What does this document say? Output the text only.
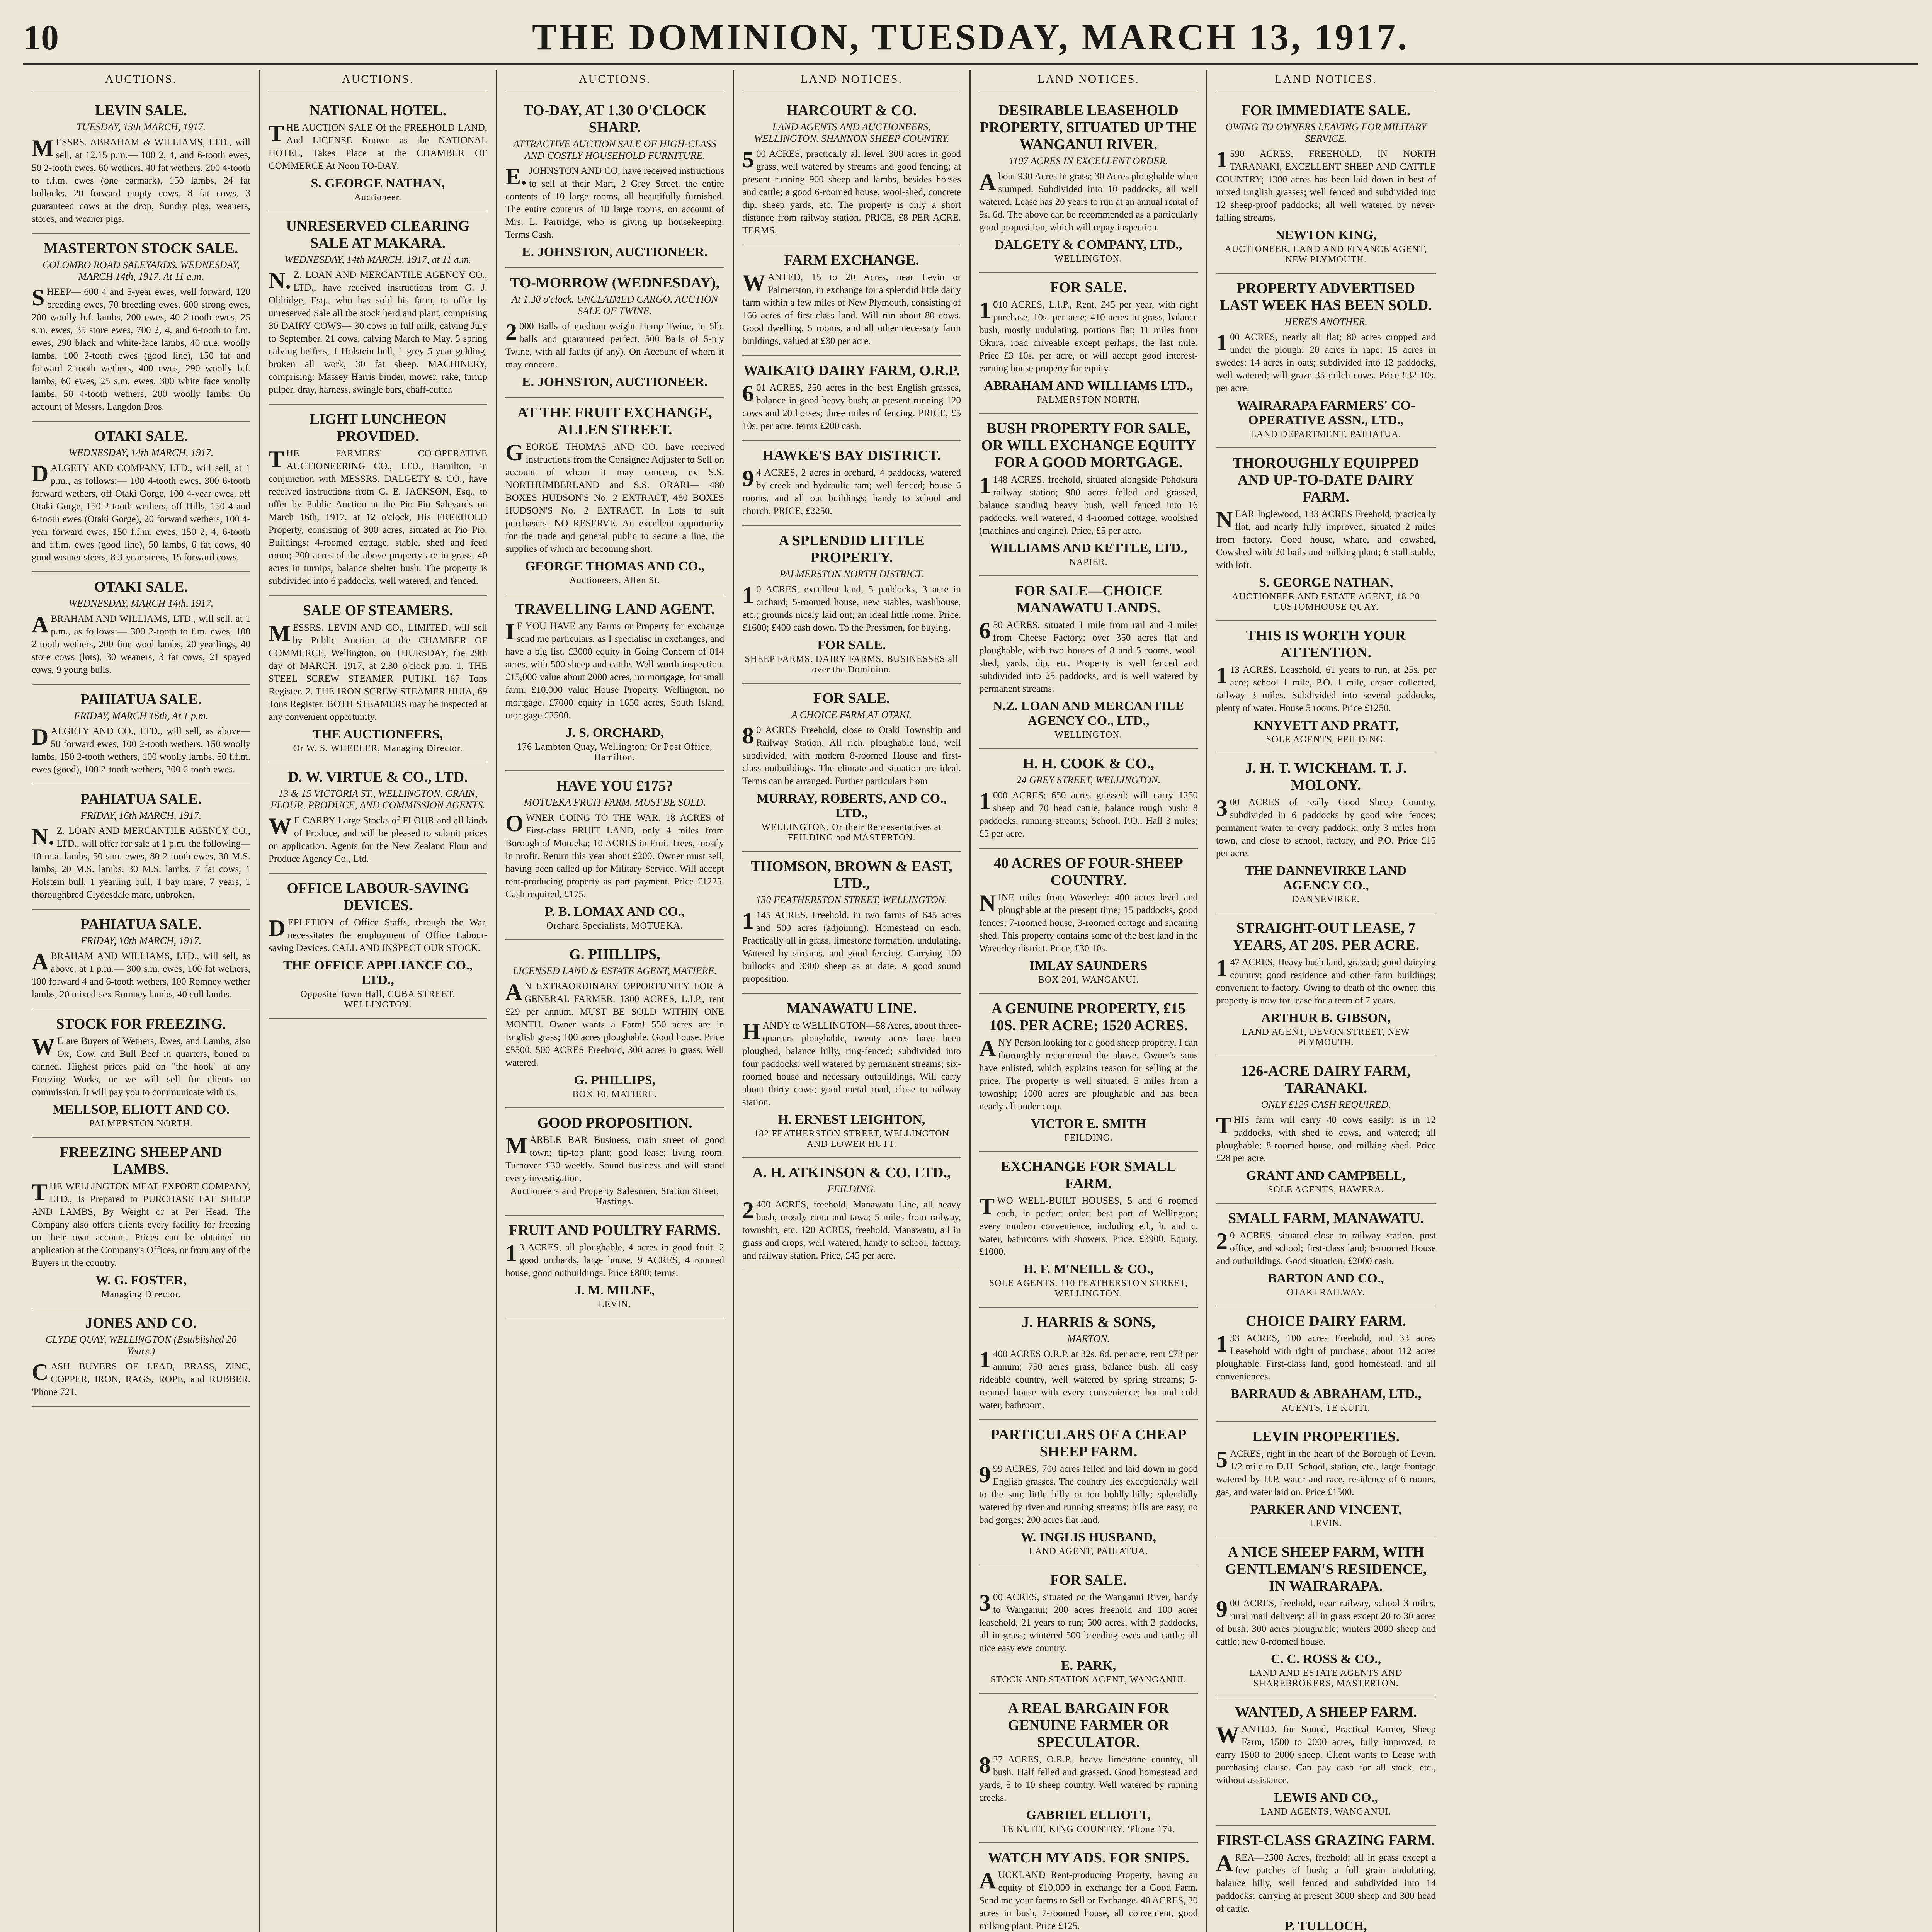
10	THE DOMINION, TUESDAY, MARCH 13, 1917.
AUCTIONS.
LEVIN SALE.
TUESDAY, 13th MARCH, 1917.
MESSRS. ABRAHAM & WILLIAMS, LTD., will sell, at 12.15 p.m.— 100 2, 4, and 6-tooth ewes, 50 2-tooth ewes, 60 wethers, 40 fat wethers, 200 4-tooth to f.f.m. ewes (one earmark), 150 lambs, 24 fat bullocks, 20 forward empty cows, 8 fat cows, 3 guaranteed cows at the drop, Sundry pigs, weaners, stores, and weaner pigs.
MASTERTON STOCK SALE.
COLOMBO ROAD SALEYARDS. WEDNESDAY, MARCH 14th, 1917, At 11 a.m.
SHEEP— 600 4 and 5-year ewes, well forward, 120 breeding ewes, 70 breeding ewes, 600 strong ewes, 200 woolly b.f. lambs, 200 ewes, 40 2-tooth ewes, 25 s.m. ewes, 35 store ewes, 700 2, 4, and 6-tooth to f.m. ewes, 290 black and white-face lambs, 40 m.e. woolly lambs, 100 2-tooth ewes (good line), 150 fat and forward 2-tooth wethers, 400 ewes, 290 woolly b.f. lambs, 60 ewes, 25 s.m. ewes, 300 white face woolly lambs, 50 4-tooth wethers, 200 woolly lambs. On account of Messrs. Langdon Bros.
OTAKI SALE.
WEDNESDAY, 14th MARCH, 1917.
DALGETY AND COMPANY, LTD., will sell, at 1 p.m., as follows:— 100 4-tooth ewes, 300 6-tooth forward wethers, off Otaki Gorge, 100 4-year ewes, off Otaki Gorge, 150 2-tooth wethers, off Hills, 150 4 and 6-tooth ewes (Otaki Gorge), 20 forward wethers, 100 4-year forward ewes, 150 f.f.m. ewes, 150 2, 4, 6-tooth and f.f.m. ewes (good line), 50 lambs, 6 fat cows, 40 good weaner steers, 8 3-year steers, 15 forward cows.
OTAKI SALE.
WEDNESDAY, MARCH 14th, 1917.
ABRAHAM AND WILLIAMS, LTD., will sell, at 1 p.m., as follows:— 300 2-tooth to f.m. ewes, 100 2-tooth wethers, 200 fine-wool lambs, 20 yearlings, 40 store cows (lots), 30 weaners, 3 fat cows, 21 spayed cows, 9 young bulls.
PAHIATUA SALE.
FRIDAY, MARCH 16th, At 1 p.m.
DALGETY AND CO., LTD., will sell, as above— 50 forward ewes, 100 2-tooth wethers, 150 woolly lambs, 150 2-tooth wethers, 100 woolly lambs, 50 f.f.m. ewes (good), 100 2-tooth wethers, 200 6-tooth ewes.
PAHIATUA SALE.
FRIDAY, 16th MARCH, 1917.
N.Z. LOAN AND MERCANTILE AGENCY CO., LTD., will offer for sale at 1 p.m. the following— 10 m.a. lambs, 50 s.m. ewes, 80 2-tooth ewes, 30 M.S. lambs, 20 M.S. lambs, 30 M.S. lambs, 7 fat cows, 1 Holstein bull, 1 yearling bull, 1 bay mare, 7 years, 1 thoroughbred Clydesdale mare, unbroken.
PAHIATUA SALE.
FRIDAY, 16th MARCH, 1917.
ABRAHAM AND WILLIAMS, LTD., will sell, as above, at 1 p.m.— 300 s.m. ewes, 100 fat wethers, 100 forward 4 and 6-tooth wethers, 100 Romney wether lambs, 20 mixed-sex Romney lambs, 40 cull lambs.
STOCK FOR FREEZING.
WE are Buyers of Wethers, Ewes, and Lambs, also Ox, Cow, and Bull Beef in quarters, boned or canned. Highest prices paid on "the hook" at any Freezing Works, or we will sell for clients on commission. It will pay you to communicate with us.
MELLSOP, ELIOTT AND CO.
PALMERSTON NORTH.
FREEZING SHEEP AND LAMBS.
THE WELLINGTON MEAT EXPORT COMPANY, LTD., Is Prepared to PURCHASE FAT SHEEP AND LAMBS, By Weight or at Per Head. The Company also offers clients every facility for freezing on their own account. Prices can be obtained on application at the Company's Offices, or from any of the Buyers in the country.
W. G. FOSTER,
Managing Director.
JONES AND CO.
CLYDE QUAY, WELLINGTON (Established 20 Years.)
CASH BUYERS OF LEAD, BRASS, ZINC, COPPER, IRON, RAGS, ROPE, and RUBBER. 'Phone 721.
AUCTIONS.
NATIONAL HOTEL.
THE AUCTION SALE Of the FREEHOLD LAND, And LICENSE Known as the NATIONAL HOTEL, Takes Place at the CHAMBER OF COMMERCE At Noon TO-DAY.
S. GEORGE NATHAN,
Auctioneer.
UNRESERVED CLEARING SALE AT MAKARA.
WEDNESDAY, 14th MARCH, 1917, at 11 a.m.
N.Z. LOAN AND MERCANTILE AGENCY CO., LTD., have received instructions from G. J. Oldridge, Esq., who has sold his farm, to offer by unreserved Sale all the stock herd and plant, comprising 30 DAIRY COWS— 30 cows in full milk, calving July to September, 21 cows, calving March to May, 5 spring calving heifers, 1 Holstein bull, 1 grey 5-year gelding, broken all work, 30 fat sheep. MACHINERY, comprising: Massey Harris binder, mower, rake, turnip pulper, dray, harness, swingle bars, chaff-cutter.
LIGHT LUNCHEON PROVIDED.
THE FARMERS' CO-OPERATIVE AUCTIONEERING CO., LTD., Hamilton, in conjunction with MESSRS. DALGETY & CO., have received instructions from G. E. JACKSON, Esq., to offer by Public Auction at the Pio Pio Saleyards on March 16th, 1917, at 12 o'clock, His FREEHOLD Property, consisting of 300 acres, situated at Pio Pio. Buildings: 4-roomed cottage, stable, shed and feed room; 200 acres of the above property are in grass, 40 acres in turnips, balance shelter bush. The property is subdivided into 6 paddocks, well watered, and fenced.
SALE OF STEAMERS.
MESSRS. LEVIN AND CO., LIMITED, will sell by Public Auction at the CHAMBER OF COMMERCE, Wellington, on THURSDAY, the 29th day of MARCH, 1917, at 2.30 o'clock p.m. 1. THE STEEL SCREW STEAMER PUTIKI, 167 Tons Register. 2. THE IRON SCREW STEAMER HUIA, 69 Tons Register. BOTH STEAMERS may be inspected at any convenient opportunity.
THE AUCTIONEERS,
Or W. S. WHEELER, Managing Director.
D. W. VIRTUE & CO., LTD.
13 & 15 VICTORIA ST., WELLINGTON. GRAIN, FLOUR, PRODUCE, AND COMMISSION AGENTS.
WE CARRY Large Stocks of FLOUR and all kinds of Produce, and will be pleased to submit prices on application. Agents for the New Zealand Flour and Produce Agency Co., Ltd.
OFFICE LABOUR-SAVING DEVICES.
DEPLETION of Office Staffs, through the War, necessitates the employment of Office Labour-saving Devices. CALL AND INSPECT OUR STOCK.
THE OFFICE APPLIANCE CO., LTD.,
Opposite Town Hall, CUBA STREET, WELLINGTON.
AUCTIONS.
TO-DAY, AT 1.30 O'CLOCK SHARP.
ATTRACTIVE AUCTION SALE OF HIGH-CLASS AND COSTLY HOUSEHOLD FURNITURE.
E.JOHNSTON AND CO. have received instructions to sell at their Mart, 2 Grey Street, the entire contents of 10 large rooms, all beautifully furnished. The entire contents of 10 large rooms, on account of Mrs. L. Partridge, who is giving up housekeeping. Terms Cash.
E. JOHNSTON, AUCTIONEER.
TO-MORROW (WEDNESDAY),
At 1.30 o'clock. UNCLAIMED CARGO. AUCTION SALE OF TWINE.
2000 Balls of medium-weight Hemp Twine, in 5lb. balls and guaranteed perfect. 500 Balls of 5-ply Twine, with all faults (if any). On Account of whom it may concern.
E. JOHNSTON, AUCTIONEER.
AT THE FRUIT EXCHANGE, ALLEN STREET.
GEORGE THOMAS AND CO. have received instructions from the Consignee Adjuster to Sell on account of whom it may concern, ex S.S. NORTHUMBERLAND and S.S. ORARI— 480 BOXES HUDSON'S No. 2 EXTRACT, 480 BOXES HUDSON'S No. 2 EXTRACT. In Lots to suit purchasers. NO RESERVE. An excellent opportunity for the trade and general public to secure a line, the supplies of which are becoming short.
GEORGE THOMAS AND CO.,
Auctioneers, Allen St.
TRAVELLING LAND AGENT.
IF YOU HAVE any Farms or Property for exchange send me particulars, as I specialise in exchanges, and have a big list. £3000 equity in Going Concern of 814 acres, with 500 sheep and cattle. Well worth inspection. £15,000 value about 2000 acres, no mortgage, for small farm. £10,000 value House Property, Wellington, no mortgage. £7000 equity in 1650 acres, South Island, mortgage £2500.
J. S. ORCHARD,
176 Lambton Quay, Wellington; Or Post Office, Hamilton.
HAVE YOU £175?
MOTUEKA FRUIT FARM. MUST BE SOLD.
OWNER GOING TO THE WAR. 18 ACRES of First-class FRUIT LAND, only 4 miles from Borough of Motueka; 10 ACRES in Fruit Trees, mostly in profit. Return this year about £200. Owner must sell, having been called up for Military Service. Will accept rent-producing property as part payment. Price £1225. Cash required, £175.
P. B. LOMAX AND CO.,
Orchard Specialists, MOTUEKA.
G. PHILLIPS,
LICENSED LAND & ESTATE AGENT, MATIERE.
AN EXTRAORDINARY OPPORTUNITY FOR A GENERAL FARMER. 1300 ACRES, L.I.P., rent £29 per annum. MUST BE SOLD WITHIN ONE MONTH. Owner wants a Farm! 550 acres are in English grass; 100 acres ploughable. Good house. Price £5500. 500 ACRES Freehold, 300 acres in grass. Well watered.
G. PHILLIPS,
BOX 10, MATIERE.
GOOD PROPOSITION.
MARBLE BAR Business, main street of good town; tip-top plant; good lease; living room. Turnover £30 weekly. Sound business and will stand every investigation.
Auctioneers and Property Salesmen, Station Street, Hastings.
FRUIT AND POULTRY FARMS.
13 ACRES, all ploughable, 4 acres in good fruit, 2 good orchards, large house. 9 ACRES, 4 roomed house, good outbuildings. Price £800; terms.
J. M. MILNE,
LEVIN.
LAND NOTICES.
HARCOURT & CO.
LAND AGENTS AND AUCTIONEERS, WELLINGTON. SHANNON SHEEP COUNTRY.
500 ACRES, practically all level, 300 acres in good grass, well watered by streams and good fencing; at present running 900 sheep and lambs, besides horses and cattle; a good 6-roomed house, wool-shed, concrete dip, sheep yards, etc. The property is only a short distance from railway station. PRICE, £8 PER ACRE. TERMS.
FARM EXCHANGE.
WANTED, 15 to 20 Acres, near Levin or Palmerston, in exchange for a splendid little dairy farm within a few miles of New Plymouth, consisting of 166 acres of first-class land. Will run about 80 cows. Good dwelling, 5 rooms, and all other necessary farm buildings, valued at £30 per acre.
WAIKATO DAIRY FARM, O.R.P.
601 ACRES, 250 acres in the best English grasses, balance in good heavy bush; at present running 120 cows and 20 horses; three miles of fencing. PRICE, £5 10s. per acre, terms £200 cash.
HAWKE'S BAY DISTRICT.
94 ACRES, 2 acres in orchard, 4 paddocks, watered by creek and hydraulic ram; well fenced; house 6 rooms, and all out buildings; handy to school and church. PRICE, £2250.
A SPLENDID LITTLE PROPERTY.
PALMERSTON NORTH DISTRICT.
10 ACRES, excellent land, 5 paddocks, 3 acre in orchard; 5-roomed house, new stables, washhouse, etc.; grounds nicely laid out; an ideal little home. Price, £1600; £400 cash down. To the Pressmen, for buying.
FOR SALE.
SHEEP FARMS. DAIRY FARMS. BUSINESSES all over the Dominion.
FOR SALE.
A CHOICE FARM AT OTAKI.
80 ACRES Freehold, close to Otaki Township and Railway Station. All rich, ploughable land, well subdivided, with modern 8-roomed House and first-class outbuildings. The climate and situation are ideal. Terms can be arranged. Further particulars from
MURRAY, ROBERTS, AND CO., LTD.,
WELLINGTON. Or their Representatives at FEILDING and MASTERTON.
THOMSON, BROWN & EAST, LTD.,
130 FEATHERSTON STREET, WELLINGTON.
1145 ACRES, Freehold, in two farms of 645 acres and 500 acres (adjoining). Homestead on each. Practically all in grass, limestone formation, undulating. Watered by streams, and good fencing. Carrying 100 bullocks and 3300 sheep as at date. A good sound proposition.
MANAWATU LINE.
HANDY to WELLINGTON—58 Acres, about three-quarters ploughable, twenty acres have been ploughed, balance hilly, ring-fenced; subdivided into four paddocks; well watered by permanent streams; six-roomed house and necessary outbuildings. Will carry about thirty cows; good metal road, close to railway station.
H. ERNEST LEIGHTON,
182 FEATHERSTON STREET, WELLINGTON AND LOWER HUTT.
A. H. ATKINSON & CO. LTD.,
FEILDING.
2400 ACRES, freehold, Manawatu Line, all heavy bush, mostly rimu and tawa; 5 miles from railway, township, etc. 120 ACRES, freehold, Manawatu, all in grass and crops, well watered, handy to school, factory, and railway station. Price, £45 per acre.
LAND NOTICES.
DESIRABLE LEASEHOLD PROPERTY, SITUATED UP THE WANGANUI RIVER.
1107 ACRES IN EXCELLENT ORDER.
About 930 Acres in grass; 30 Acres ploughable when stumped. Subdivided into 10 paddocks, all well watered. Lease has 20 years to run at an annual rental of 9s. 6d. The above can be recommended as a particularly good proposition, which will repay inspection.
DALGETY & COMPANY, LTD.,
WELLINGTON.
FOR SALE.
1010 ACRES, L.I.P., Rent, £45 per year, with right purchase, 10s. per acre; 410 acres in grass, balance bush, mostly undulating, portions flat; 11 miles from Okura, road driveable except perhaps, the last mile. Price £3 10s. per acre, or will accept good interest-earning house property for equity.
ABRAHAM AND WILLIAMS LTD.,
PALMERSTON NORTH.
BUSH PROPERTY FOR SALE, OR WILL EXCHANGE EQUITY FOR A GOOD MORTGAGE.
1148 ACRES, freehold, situated alongside Pohokura railway station; 900 acres felled and grassed, balance standing heavy bush, well fenced into 16 paddocks, well watered, 4 4-roomed cottage, woolshed (machines and engine). Price, £5 per acre.
WILLIAMS AND KETTLE, LTD.,
NAPIER.
FOR SALE—CHOICE MANAWATU LANDS.
650 ACRES, situated 1 mile from rail and 4 miles from Cheese Factory; over 350 acres flat and ploughable, with two houses of 8 and 5 rooms, wool-shed, yards, dip, etc. Property is well fenced and subdivided into 25 paddocks, and is well watered by permanent streams.
N.Z. LOAN AND MERCANTILE AGENCY CO., LTD.,
WELLINGTON.
H. H. COOK & CO.,
24 GREY STREET, WELLINGTON.
1000 ACRES; 650 acres grassed; will carry 1250 sheep and 70 head cattle, balance rough bush; 8 paddocks; running streams; School, P.O., Hall 3 miles; £5 per acre.
40 ACRES OF FOUR-SHEEP COUNTRY.
NINE miles from Waverley: 400 acres level and ploughable at the present time; 15 paddocks, good fences; 7-roomed house, 3-roomed cottage and shearing shed. This property contains some of the best land in the Waverley district. Price, £30 10s.
IMLAY SAUNDERS
BOX 201, WANGANUI.
A GENUINE PROPERTY, £15 10S. PER ACRE; 1520 ACRES.
ANY Person looking for a good sheep property, I can thoroughly recommend the above. Owner's sons have enlisted, which explains reason for selling at the price. The property is well situated, 5 miles from a township; 1000 acres are ploughable and has been nearly all under crop.
VICTOR E. SMITH
FEILDING.
EXCHANGE FOR SMALL FARM.
TWO WELL-BUILT HOUSES, 5 and 6 roomed each, in perfect order; best part of Wellington; every modern convenience, including e.l., h. and c. water, bathrooms with showers. Price, £3900. Equity, £1000.
H. F. M'NEILL & CO.,
SOLE AGENTS, 110 FEATHERSTON STREET, WELLINGTON.
J. HARRIS & SONS,
MARTON.
1400 ACRES O.R.P. at 32s. 6d. per acre, rent £73 per annum; 750 acres grass, balance bush, all easy rideable country, well watered by spring streams; 5-roomed house with every convenience; hot and cold water, bathroom.
PARTICULARS OF A CHEAP SHEEP FARM.
999 ACRES, 700 acres felled and laid down in good English grasses. The country lies exceptionally well to the sun; little hilly or too boldly-hilly; splendidly watered by river and running streams; hills are easy, no bad gorges; 200 acres flat land.
W. INGLIS HUSBAND,
LAND AGENT, PAHIATUA.
FOR SALE.
300 ACRES, situated on the Wanganui River, handy to Wanganui; 200 acres freehold and 100 acres leasehold, 21 years to run; 500 acres, with 2 paddocks, all in grass; wintered 500 breeding ewes and cattle; all nice easy ewe country.
E. PARK,
STOCK AND STATION AGENT, WANGANUI.
A REAL BARGAIN FOR GENUINE FARMER OR SPECULATOR.
827 ACRES, O.R.P., heavy limestone country, all bush. Half felled and grassed. Good homestead and yards, 5 to 10 sheep country. Well watered by running creeks.
GABRIEL ELLIOTT,
TE KUITI, KING COUNTRY. 'Phone 174.
WATCH MY ADS. FOR SNIPS.
AUCKLAND Rent-producing Property, having an equity of £10,000 in exchange for a Good Farm. Send me your farms to Sell or Exchange. 40 ACRES, 20 acres in bush, 7-roomed house, all convenient, good milking plant. Price £125.
LAND NOTICES.
FOR IMMEDIATE SALE.
OWING TO OWNERS LEAVING FOR MILITARY SERVICE.
1590 ACRES, FREEHOLD, IN NORTH TARANAKI, EXCELLENT SHEEP AND CATTLE COUNTRY; 1300 acres has been laid down in best of mixed English grasses; well fenced and subdivided into 12 sheep-proof paddocks; all well watered by never-failing streams.
NEWTON KING,
AUCTIONEER, LAND AND FINANCE AGENT, NEW PLYMOUTH.
PROPERTY ADVERTISED LAST WEEK HAS BEEN SOLD.
HERE'S ANOTHER.
100 ACRES, nearly all flat; 80 acres cropped and under the plough; 20 acres in rape; 15 acres in swedes; 14 acres in oats; subdivided into 12 paddocks, well watered; will graze 35 milch cows. Price £32 10s. per acre.
WAIRARAPA FARMERS' CO-OPERATIVE ASSN., LTD.,
LAND DEPARTMENT, PAHIATUA.
THOROUGHLY EQUIPPED AND UP-TO-DATE DAIRY FARM.
NEAR Inglewood, 133 ACRES Freehold, practically flat, and nearly fully improved, situated 2 miles from factory. Good house, whare, and cowshed, Cowshed with 20 bails and milking plant; 6-stall stable, with loft.
S. GEORGE NATHAN,
AUCTIONEER AND ESTATE AGENT, 18-20 CUSTOMHOUSE QUAY.
THIS IS WORTH YOUR ATTENTION.
113 ACRES, Leasehold, 61 years to run, at 25s. per acre; school 1 mile, P.O. 1 mile, cream collected, railway 3 miles. Subdivided into several paddocks, plenty of water. House 5 rooms. Price £1250.
KNYVETT AND PRATT,
SOLE AGENTS, FEILDING.
J. H. T. WICKHAM. T. J. MOLONY.
300 ACRES of really Good Sheep Country, subdivided in 6 paddocks by good wire fences; permanent water to every paddock; only 3 miles from town, and close to school, factory, and P.O. Price £15 per acre.
THE DANNEVIRKE LAND AGENCY CO.,
DANNEVIRKE.
STRAIGHT-OUT LEASE, 7 YEARS, AT 20S. PER ACRE.
147 ACRES, Heavy bush land, grassed; good dairying country; good residence and other farm buildings; convenient to factory. Owing to death of the owner, this property is now for lease for a term of 7 years.
ARTHUR B. GIBSON,
LAND AGENT, DEVON STREET, NEW PLYMOUTH.
126-ACRE DAIRY FARM, TARANAKI.
ONLY £125 CASH REQUIRED.
THIS farm will carry 40 cows easily; is in 12 paddocks, with shed to cows, and watered; all ploughable; 8-roomed house, and milking shed. Price £28 per acre.
GRANT AND CAMPBELL,
SOLE AGENTS, HAWERA.
SMALL FARM, MANAWATU.
20 ACRES, situated close to railway station, post office, and school; first-class land; 6-roomed House and outbuildings. Good situation; £2000 cash.
BARTON AND CO.,
OTAKI RAILWAY.
CHOICE DAIRY FARM.
133 ACRES, 100 acres Freehold, and 33 acres Leasehold with right of purchase; about 112 acres ploughable. First-class land, good homestead, and all conveniences.
BARRAUD & ABRAHAM, LTD.,
AGENTS, TE KUITI.
LEVIN PROPERTIES.
5ACRES, right in the heart of the Borough of Levin, 1/2 mile to D.H. School, station, etc., large frontage watered by H.P. water and race, residence of 6 rooms, gas, and water laid on. Price £1500.
PARKER AND VINCENT,
LEVIN.
A NICE SHEEP FARM, WITH GENTLEMAN'S RESIDENCE, IN WAIRARAPA.
900 ACRES, freehold, near railway, school 3 miles, rural mail delivery; all in grass except 20 to 30 acres of bush; 300 acres ploughable; winters 2000 sheep and cattle; new 8-roomed house.
C. C. ROSS & CO.,
LAND AND ESTATE AGENTS AND SHAREBROKERS, MASTERTON.
WANTED, A SHEEP FARM.
WANTED, for Sound, Practical Farmer, Sheep Farm, 1500 to 2000 acres, fully improved, to carry 1500 to 2000 sheep. Client wants to Lease with purchasing clause. Can pay cash for all stock, etc., without assistance.
LEWIS AND CO.,
LAND AGENTS, WANGANUI.
FIRST-CLASS GRAZING FARM.
AREA—2500 Acres, freehold; all in grass except a few patches of bush; a full grain undulating, balance hilly, well fenced and subdivided into 14 paddocks; carrying at present 3000 sheep and 300 head of cattle.
P. TULLOCH,
